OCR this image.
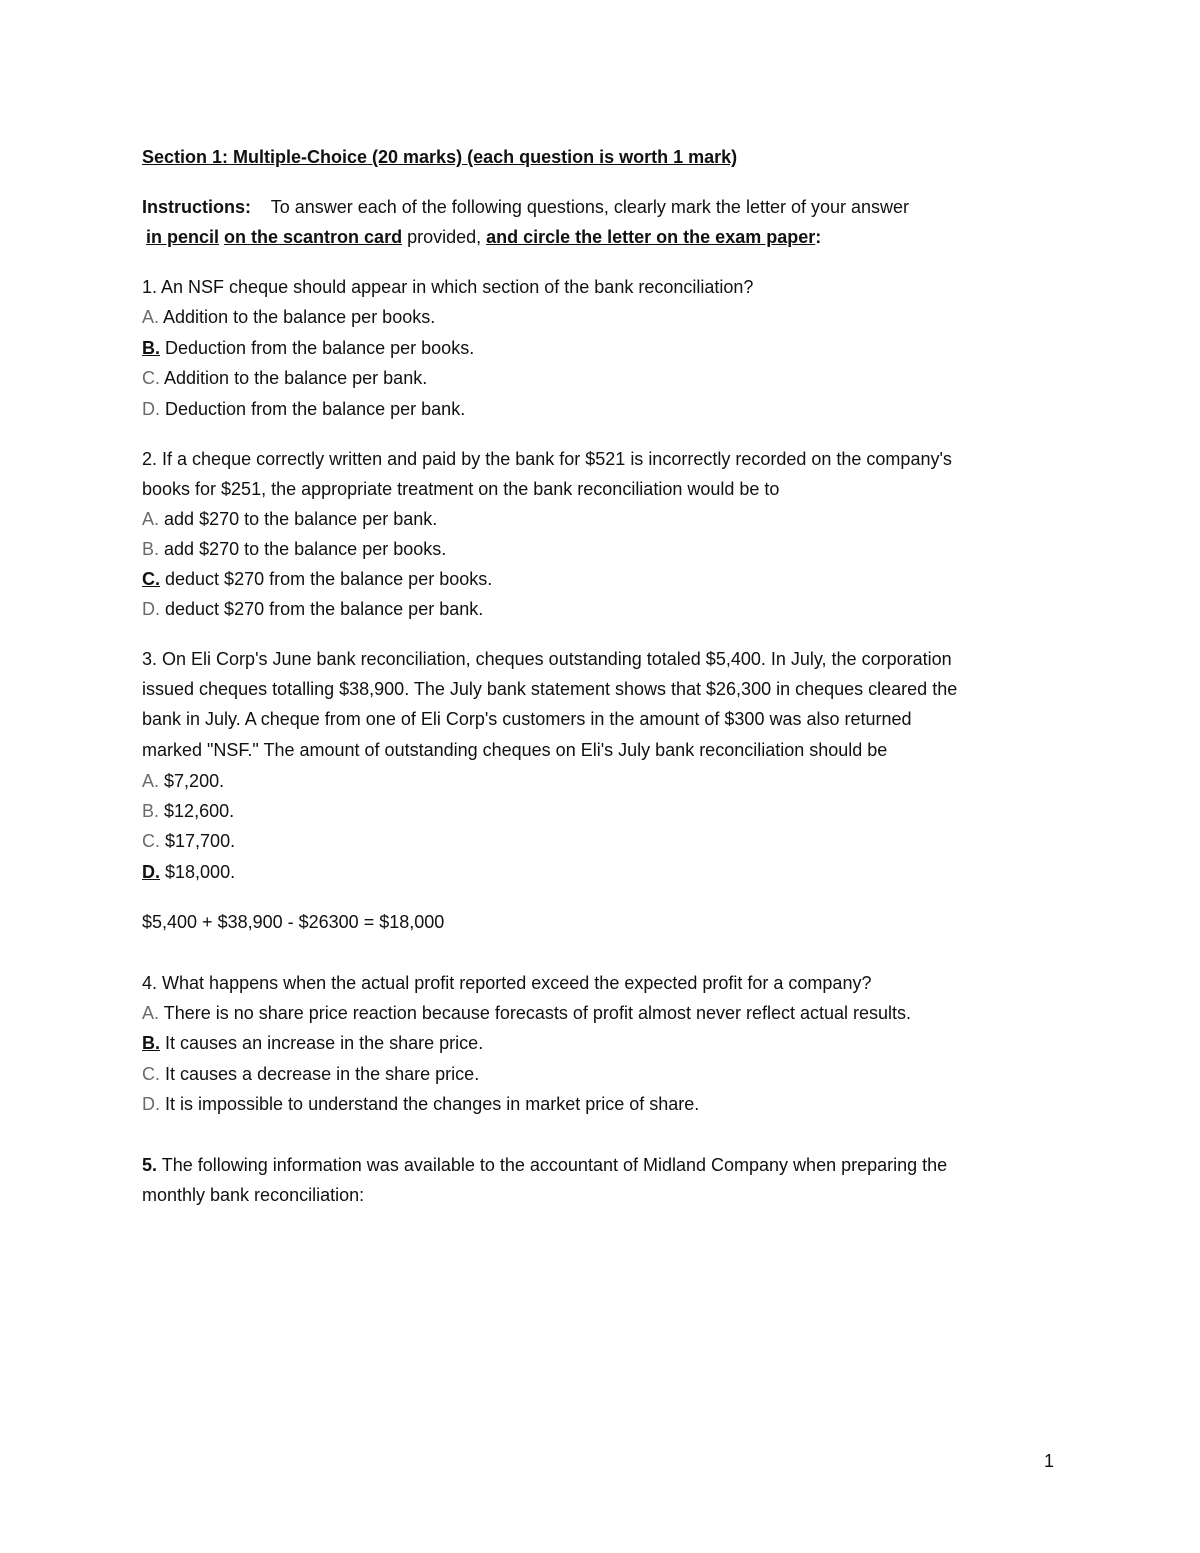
Section 1: Multiple-Choice (20 marks) (each question is worth 1 mark)
Instructions: To answer each of the following questions, clearly mark the letter of your answer
in pencil on the scantron card provided, and circle the letter on the exam paper:
1. An NSF cheque should appear in which section of the bank reconciliation?
A. Addition to the balance per books.
B. Deduction from the balance per books.
C. Addition to the balance per bank.
D. Deduction from the balance per bank.
2. If a cheque correctly written and paid by the bank for $521 is incorrectly recorded on the company's
books for $251, the appropriate treatment on the bank reconciliation would be to
A. add $270 to the balance per bank.
B. add $270 to the balance per books.
C. deduct $270 from the balance per books.
D. deduct $270 from the balance per bank.
3. On Eli Corp's June bank reconciliation, cheques outstanding totaled $5,400. In July, the corporation
issued cheques totalling $38,900. The July bank statement shows that $26,300 in cheques cleared the
bank in July. A cheque from one of Eli Corp's customers in the amount of $300 was also returned
marked "NSF." The amount of outstanding cheques on Eli's July bank reconciliation should be
A. $7,200.
B. $12,600.
C. $17,700.
D. $18,000.
$5,400 + $38,900 - $26300 = $18,000
4. What happens when the actual profit reported exceed the expected profit for a company?
A. There is no share price reaction because forecasts of profit almost never reflect actual results.
B. It causes an increase in the share price.
C. It causes a decrease in the share price.
D. It is impossible to understand the changes in market price of share.
5. The following information was available to the accountant of Midland Company when preparing the
monthly bank reconciliation:
1
